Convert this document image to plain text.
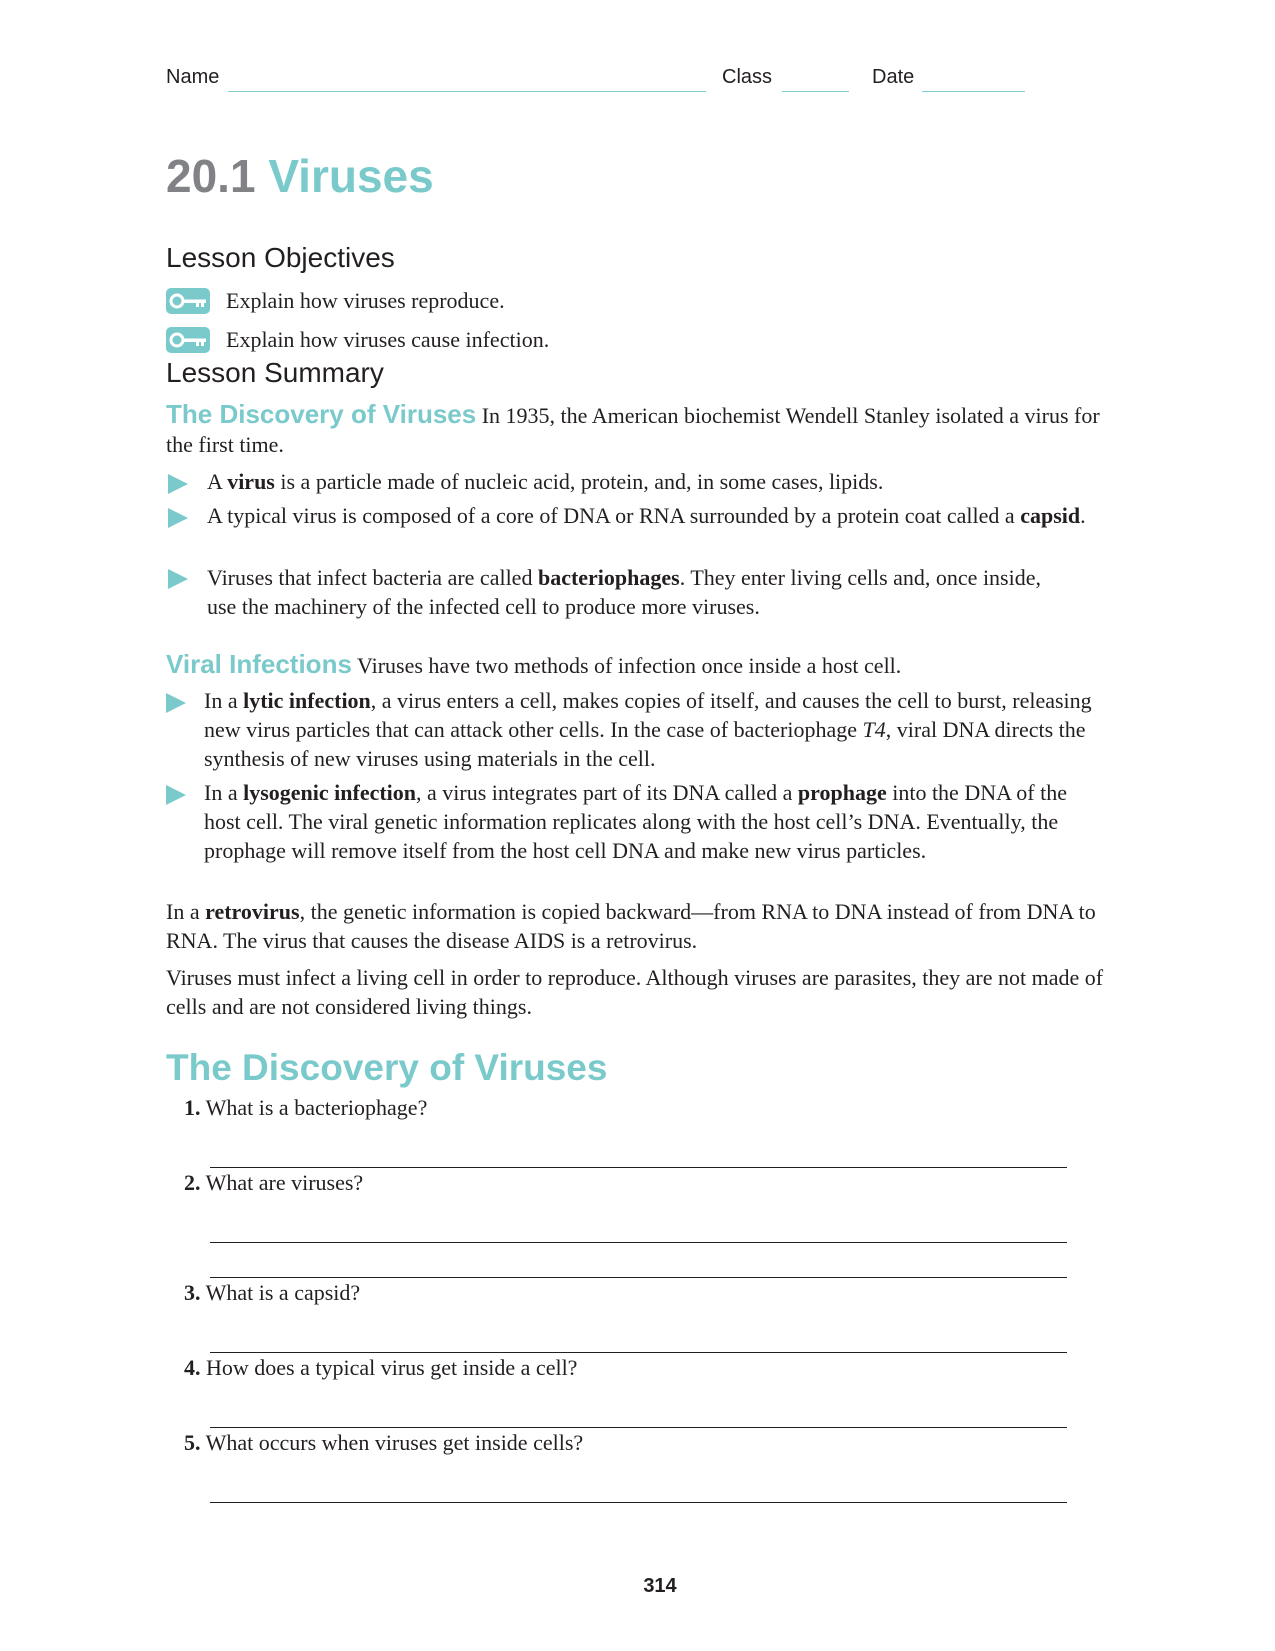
Name	Class	Date
20.1 Viruses
Lesson Objectives
Explain how viruses reproduce.
Explain how viruses cause infection.
Lesson Summary
The Discovery of Viruses In 1935, the American biochemist Wendell Stanley isolated a virus for the first time.
A virus is a particle made of nucleic acid, protein, and, in some cases, lipids.
A typical virus is composed of a core of DNA or RNA surrounded by a protein coat called a capsid.
Viruses that infect bacteria are called bacteriophages. They enter living cells and, once inside, use the machinery of the infected cell to produce more viruses.
Viral Infections Viruses have two methods of infection once inside a host cell.
In a lytic infection, a virus enters a cell, makes copies of itself, and causes the cell to burst, releasing new virus particles that can attack other cells. In the case of bacteriophage T4, viral DNA directs the synthesis of new viruses using materials in the cell.
In a lysogenic infection, a virus integrates part of its DNA called a prophage into the DNA of the host cell. The viral genetic information replicates along with the host cell’s DNA. Eventually, the prophage will remove itself from the host cell DNA and make new virus particles.
In a retrovirus, the genetic information is copied backward—from RNA to DNA instead of from DNA to RNA. The virus that causes the disease AIDS is a retrovirus.
Viruses must infect a living cell in order to reproduce. Although viruses are parasites, they are not made of cells and are not considered living things.
The Discovery of Viruses
1. What is a bacteriophage?
2. What are viruses?
3. What is a capsid?
4. How does a typical virus get inside a cell?
5. What occurs when viruses get inside cells?
314
